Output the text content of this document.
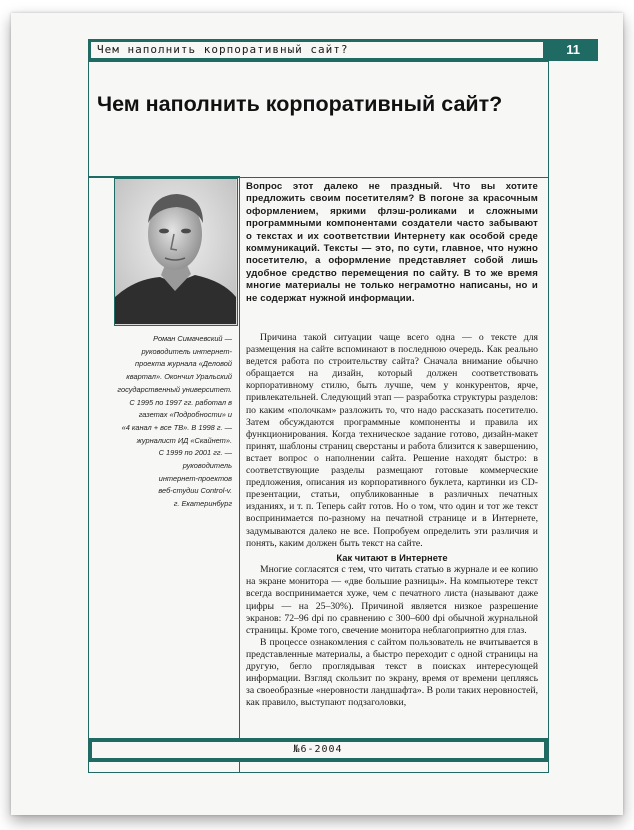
Чем наполнить корпоративный сайт?	11
Чем наполнить корпоративный сайт?
Вопрос этот далеко не праздный. Что вы хотите предложить своим посетителям? В погоне за красочным оформлением, яркими флэш-роликами и сложными программными компонентами создатели часто забывают о текстах и их соответствии Интернету как особой среде коммуникаций. Тексты — это, по сути, главное, что нужно посетителю, а оформление представляет собой лишь удобное средство перемещения по сайту. В то же время многие материалы не только неграмотно написаны, но и не содержат нужной информации.
Роман Симачевский —
руководитель интернет-
проекта журнала «Деловой
квартал». Окончил Уральский
государственный университет.
С 1995 по 1997 гг. работал в
газетах «Подробности» и
«4 канал + все ТВ». В 1998 г. —
журналист ИД «Скайнет».
С 1999 по 2001 гг. —
руководитель
интернет-проектов
веб-студии Control-v.
г. Екатеринбург

Причина такой ситуации чаще всего одна — о тексте для размещения на сайте вспоминают в последнюю очередь. Как реально ведется работа по строительству сайта? Сначала внимание обычно обращается на дизайн, который должен соответствовать корпоративному стилю, быть лучше, чем у конкурентов, ярче, привлекательней. Следующий этап — разработка структуры разделов: по каким «полочкам» разложить то, что надо рассказать посетителю. Затем обсуждаются программные компоненты и правила их функционирования. Когда техническое задание готово, дизайн-макет принят, шаблоны страниц сверстаны и работа близится к завершению, встает вопрос о наполнении сайта. Решение находят быстро: в соответствующие разделы размещают готовые коммерческие предложения, описания из корпоративного буклета, картинки из CD-презентации, статьи, опубликованные в различных печатных изданиях, и т. п. Теперь сайт готов. Но о том, что один и тот же текст воспринимается по-разному на печатной странице и в Интернете, задумываются далеко не все. Попробуем определить эти различия и понять, каким должен быть текст на сайте.

Как читают в Интернете

Многие согласятся с тем, что читать статью в журнале и ее копию на экране монитора — «две большие разницы». На компьютере текст всегда воспринимается хуже, чем с печатного листа (называют даже цифры — на 25–30%). Причиной является низкое разрешение экранов: 72–96 dpi по сравнению с 300–600 dpi обычной журнальной страницы. Кроме того, свечение монитора неблагоприятно для глаз.

В процессе ознакомления с сайтом пользователь не вчитывается в представленные материалы, а быстро переходит с одной страницы на другую, бегло проглядывая текст в поисках интересующей информации. Взгляд скользит по экрану, время от времени цепляясь за своеобразные «неровности ландшафта». В роли таких неровностей, как правило, выступают подзаголовки,

№6-2004
